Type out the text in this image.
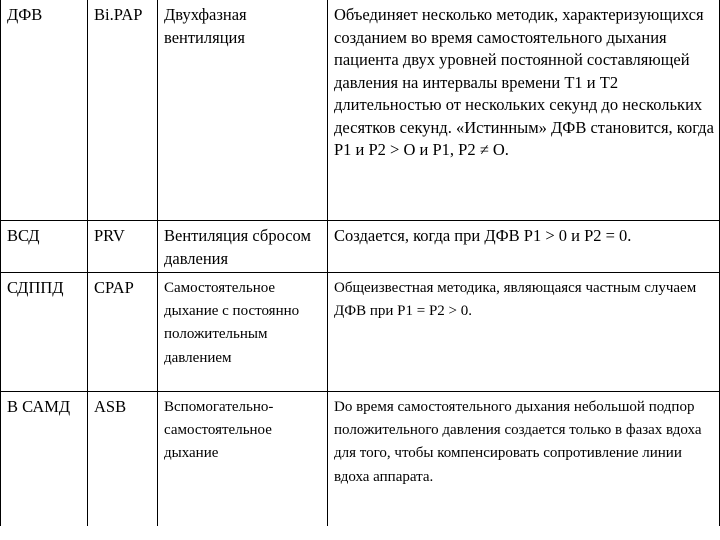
ДФВ	Bi.PAP	Двухфазная вентиляция	Объединяет несколько методик, характеризующихся созданием во время самостоятельного дыхания пациента двух уровней постоянной составляющей давления на интервалы времени Т1 и Т2 длительностью от нескольких секунд до нескольких десятков секунд. «Истинным» ДФВ становится, когда Р1 и Р2 > О и Р1, Р2 ≠ О.
ВСД	PRV	Вентиляция сбросом давления	Создается, когда при ДФВ Р1 > 0 и Р2 = 0.
СДППД	CPAP	Самостоятельное дыхание с постоянно положительным давлением	Общеизвестная методика, являющаяся частным случаем ДФВ при Р1 = Р2 > 0.
В САМД	ASB	Вспомогательно-самостоятельное дыхание	Do время самостоятельного дыхания небольшой подпор положительного давления создается только в фазах вдоха для того, чтобы компенсировать сопротивление линии вдоха аппарата.
